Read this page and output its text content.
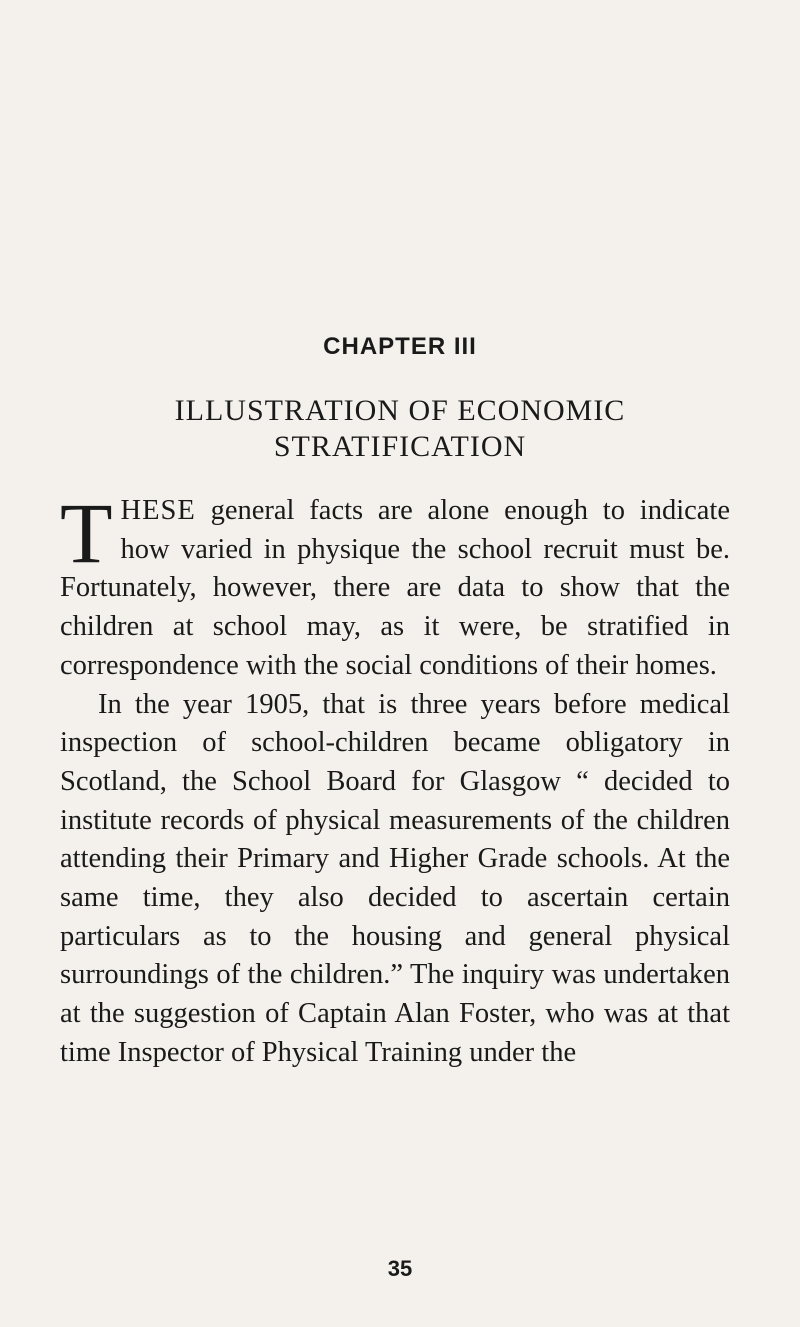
CHAPTER III
ILLUSTRATION OF ECONOMIC
STRATIFICATION

THESE general facts are alone enough to indicate how varied in physique the school recruit must be. Fortunately, however, there are data to show that the children at school may, as it were, be stratified in correspondence with the social conditions of their homes.

In the year 1905, that is three years before medical inspection of school-children became obligatory in Scotland, the School Board for Glasgow “ decided to institute records of physical measurements of the children attending their Primary and Higher Grade schools. At the same time, they also decided to ascertain certain particulars as to the housing and general physical surroundings of the children.” The inquiry was undertaken at the suggestion of Captain Alan Foster, who was at that time Inspector of Physical Training under the

35
